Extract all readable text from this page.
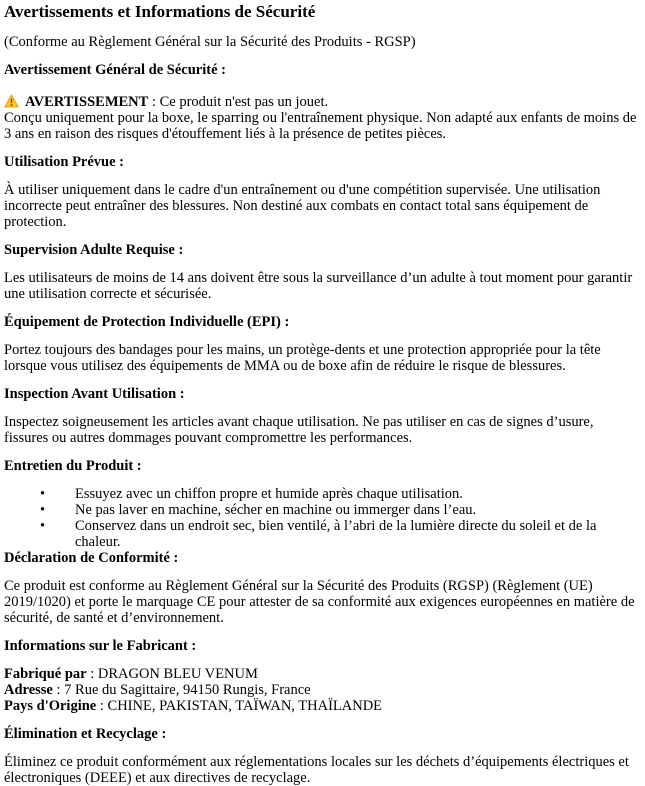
Avertissements et Informations de Sécurité

(Conforme au Règlement Général sur la Sécurité des Produits - RGSP)

Avertissement Général de Sécurité :

AVERTISSEMENT : Ce produit n'est pas un jouet.
Conçu uniquement pour la boxe, le sparring ou l'entraînement physique. Non adapté aux enfants de moins de 3 ans en raison des risques d'étouffement liés à la présence de petites pièces.

Utilisation Prévue :

À utiliser uniquement dans le cadre d'un entraînement ou d'une compétition supervisée. Une utilisation incorrecte peut entraîner des blessures. Non destiné aux combats en contact total sans équipement de protection.

Supervision Adulte Requise :

Les utilisateurs de moins de 14 ans doivent être sous la surveillance d’un adulte à tout moment pour garantir une utilisation correcte et sécurisée.

Équipement de Protection Individuelle (EPI) :

Portez toujours des bandages pour les mains, un protège-dents et une protection appropriée pour la tête lorsque vous utilisez des équipements de MMA ou de boxe afin de réduire le risque de blessures.

Inspection Avant Utilisation :

Inspectez soigneusement les articles avant chaque utilisation. Ne pas utiliser en cas de signes d’usure, fissures ou autres dommages pouvant compromettre les performances.

Entretien du Produit :

• Essuyez avec un chiffon propre et humide après chaque utilisation.
• Ne pas laver en machine, sécher en machine ou immerger dans l’eau.
• Conservez dans un endroit sec, bien ventilé, à l’abri de la lumière directe du soleil et de la chaleur.

Déclaration de Conformité :

Ce produit est conforme au Règlement Général sur la Sécurité des Produits (RGSP) (Règlement (UE) 2019/1020) et porte le marquage CE pour attester de sa conformité aux exigences européennes en matière de sécurité, de santé et d’environnement.

Informations sur le Fabricant :

Fabriqué par : DRAGON BLEU VENUM
Adresse : 7 Rue du Sagittaire, 94150 Rungis, France
Pays d'Origine : CHINE, PAKISTAN, TAÏWAN, THAÏLANDE

Élimination et Recyclage :

Éliminez ce produit conformément aux réglementations locales sur les déchets d’équipements électriques et électroniques (DEEE) et aux directives de recyclage.
